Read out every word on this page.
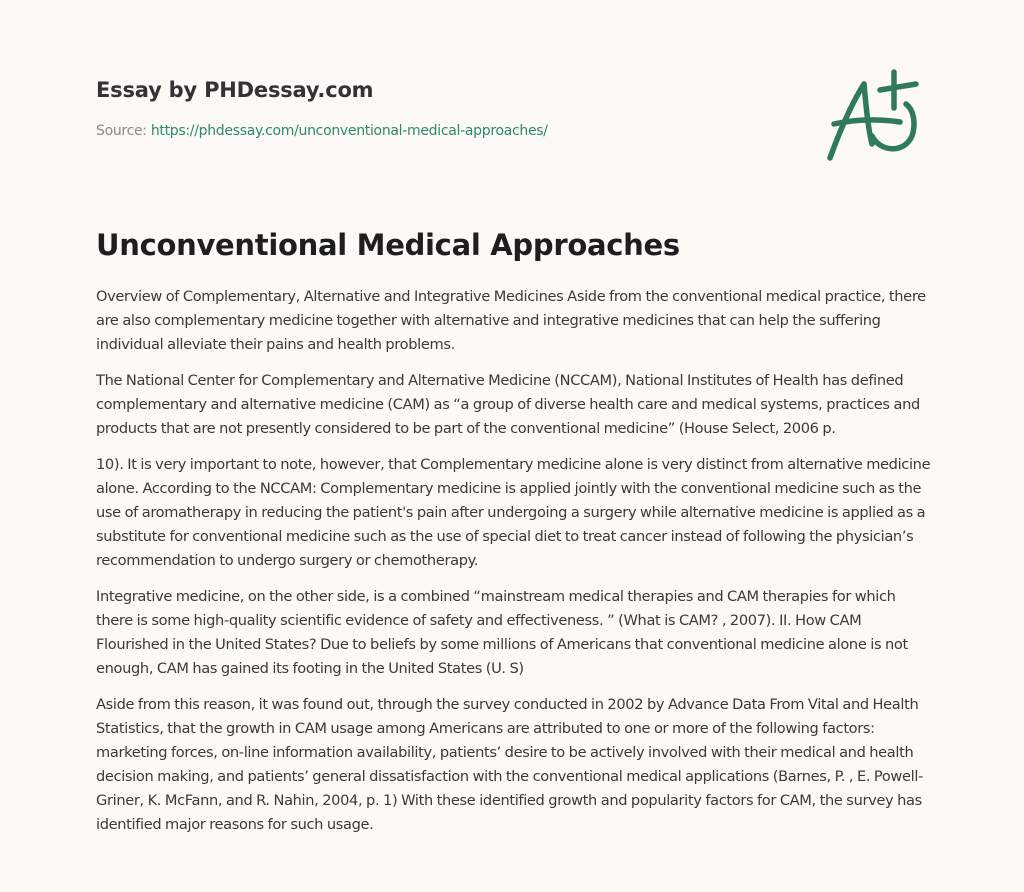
Essay by PHDessay.com
Source: https://phdessay.com/unconventional-medical-approaches/
Unconventional Medical Approaches

Overview of Complementary, Alternative and Integrative Medicines Aside from the conventional medical practice, there are also complementary medicine together with alternative and integrative medicines that can help the suffering individual alleviate their pains and health problems.

The National Center for Complementary and Alternative Medicine (NCCAM), National Institutes of Health has defined complementary and alternative medicine (CAM) as “a group of diverse health care and medical systems, practices and products that are not presently considered to be part of the conventional medicine” (House Select, 2006 p.

10). It is very important to note, however, that Complementary medicine alone is very distinct from alternative medicine alone. According to the NCCAM: Complementary medicine is applied jointly with the conventional medicine such as the use of aromatherapy in reducing the patient's pain after undergoing a surgery while alternative medicine is applied as a substitute for conventional medicine such as the use of special diet to treat cancer instead of following the physician’s recommendation to undergo surgery or chemotherapy.

Integrative medicine, on the other side, is a combined “mainstream medical therapies and CAM therapies for which there is some high-quality scientific evidence of safety and effectiveness. ” (What is CAM? , 2007). II. How CAM Flourished in the United States? Due to beliefs by some millions of Americans that conventional medicine alone is not enough, CAM has gained its footing in the United States (U. S)

Aside from this reason, it was found out, through the survey conducted in 2002 by Advance Data From Vital and Health Statistics, that the growth in CAM usage among Americans are attributed to one or more of the following factors: marketing forces, on-line information availability, patients’ desire to be actively involved with their medical and health decision making, and patients’ general dissatisfaction with the conventional medical applications (Barnes, P. , E. Powell-Griner, K. McFann, and R. Nahin, 2004, p. 1) With these identified growth and popularity factors for CAM, the survey has identified major reasons for such usage.
